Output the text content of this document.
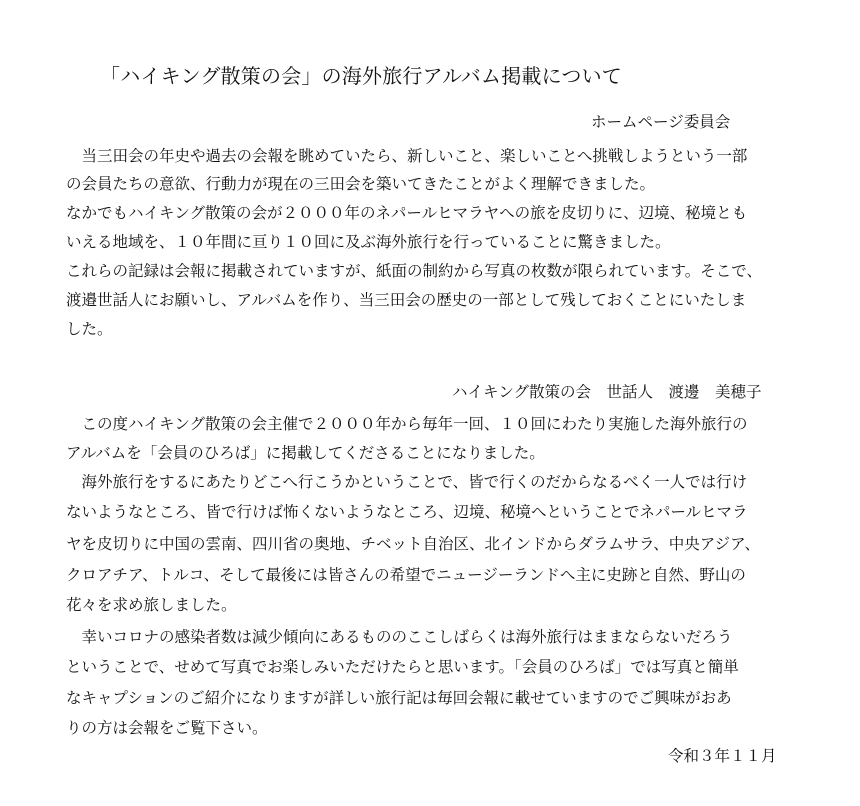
「ハイキング散策の会」の海外旅行アルバム掲載について
ホームページ委員会
　当三田会の年史や過去の会報を眺めていたら、新しいこと、楽しいことへ挑戦しようという一部
の会員たちの意欲、行動力が現在の三田会を築いてきたことがよく理解できました。
なかでもハイキング散策の会が２０００年のネパールヒマラヤへの旅を皮切りに、辺境、秘境とも
いえる地域を、１０年間に亘り１０回に及ぶ海外旅行を行っていることに驚きました。
これらの記録は会報に掲載されていますが、紙面の制約から写真の枚数が限られています。そこで、
渡邉世話人にお願いし、アルバムを作り、当三田会の歴史の一部として残しておくことにいたしま
した。
ハイキング散策の会　世話人　渡邊　美穂子
　この度ハイキング散策の会主催で２０００年から毎年一回、１０回にわたり実施した海外旅行の
アルバムを「会員のひろば」に掲載してくださることになりました。
　海外旅行をするにあたりどこへ行こうかということで、皆で行くのだからなるべく一人では行け
ないようなところ、皆で行けば怖くないようなところ、辺境、秘境へということでネパールヒマラ
ヤを皮切りに中国の雲南、四川省の奥地、チベット自治区、北インドからダラムサラ、中央アジア、
クロアチア、トルコ、そして最後には皆さんの希望でニュージーランドへ主に史跡と自然、野山の
花々を求め旅しました。
　幸いコロナの感染者数は減少傾向にあるもののここしばらくは海外旅行はままならないだろう
ということで、せめて写真でお楽しみいただけたらと思います。「会員のひろば」では写真と簡単
なキャプションのご紹介になりますが詳しい旅行記は毎回会報に載せていますのでご興味がおあ
りの方は会報をご覧下さい。
令和３年１１月
